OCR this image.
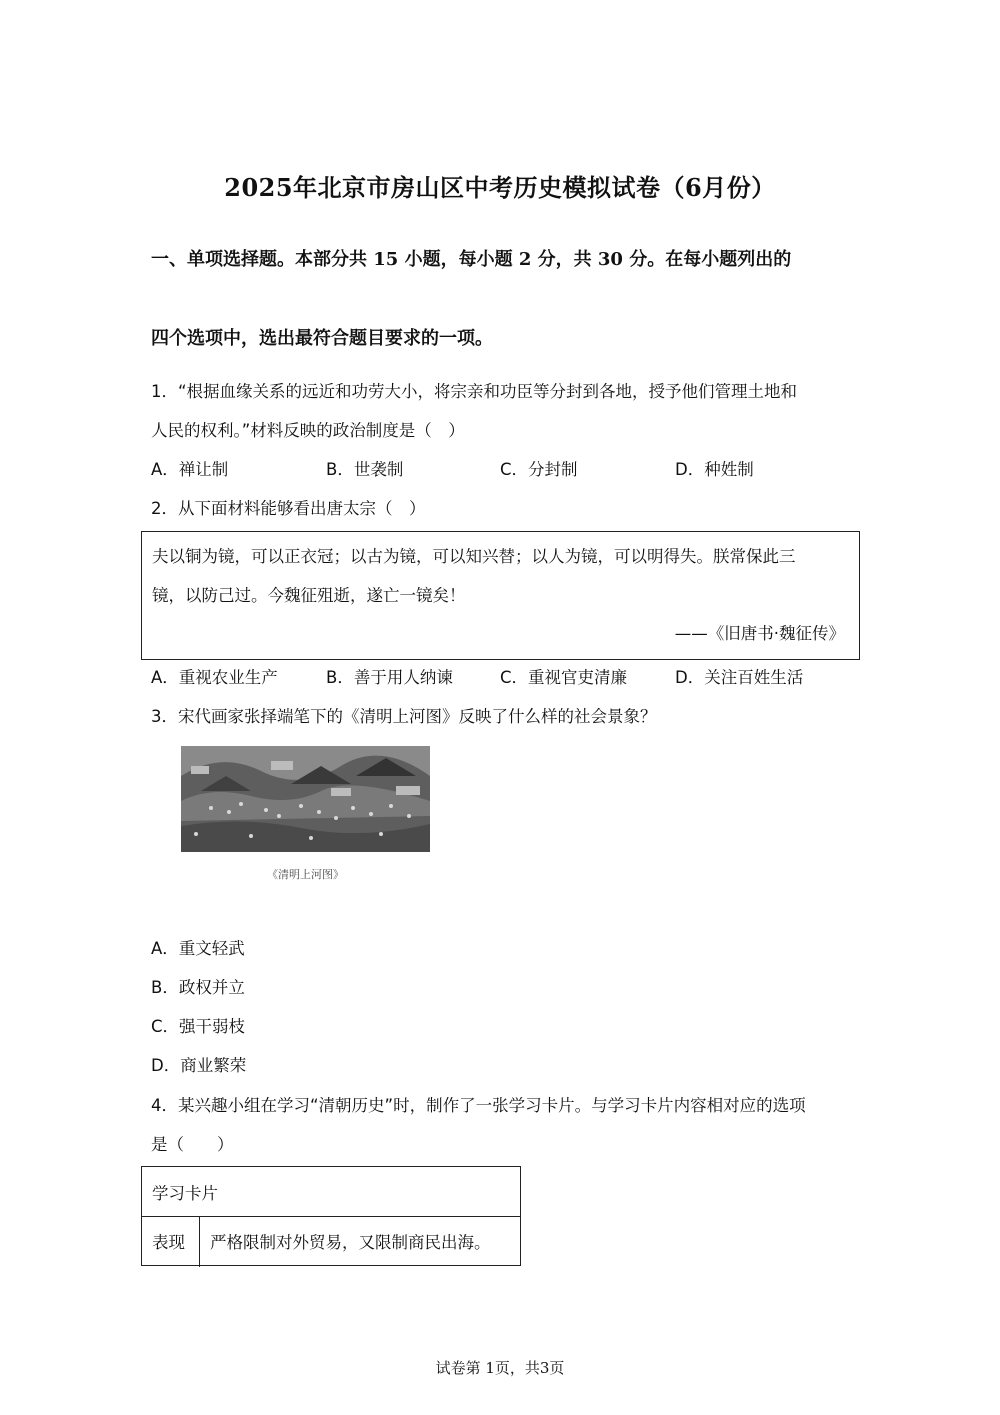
2025年北京市房山区中考历史模拟试卷（6月份）
一、单项选择题。本部分共 15 小题，每小题 2 分，共 30 分。在每小题列出的
四个选项中，选出最符合题目要求的一项。
1．“根据血缘关系的远近和功劳大小，将宗亲和功臣等分封到各地，授予他们管理土地和
人民的权利。”材料反映的政治制度是（　）
A．禅让制	B．世袭制	C．分封制	D．种姓制
2．从下面材料能够看出唐太宗（　）
夫以铜为镜，可以正衣冠；以古为镜，可以知兴替；以人为镜，可以明得失。朕常保此三
镜，以防己过。今魏征殂逝，遂亡一镜矣！
——《旧唐书·魏征传》
A．重视农业生产	B．善于用人纳谏	C．重视官吏清廉	D．关注百姓生活
3．宋代画家张择端笔下的《清明上河图》反映了什么样的社会景象？
《清明上河图》
A．重文轻武
B．政权并立
C．强干弱枝
D．商业繁荣
4．某兴趣小组在学习“清朝历史”时，制作了一张学习卡片。与学习卡片内容相对应的选项
是（　　）
学习卡片
表现 严格限制对外贸易，又限制商民出海。
试卷第 1页，共3页
